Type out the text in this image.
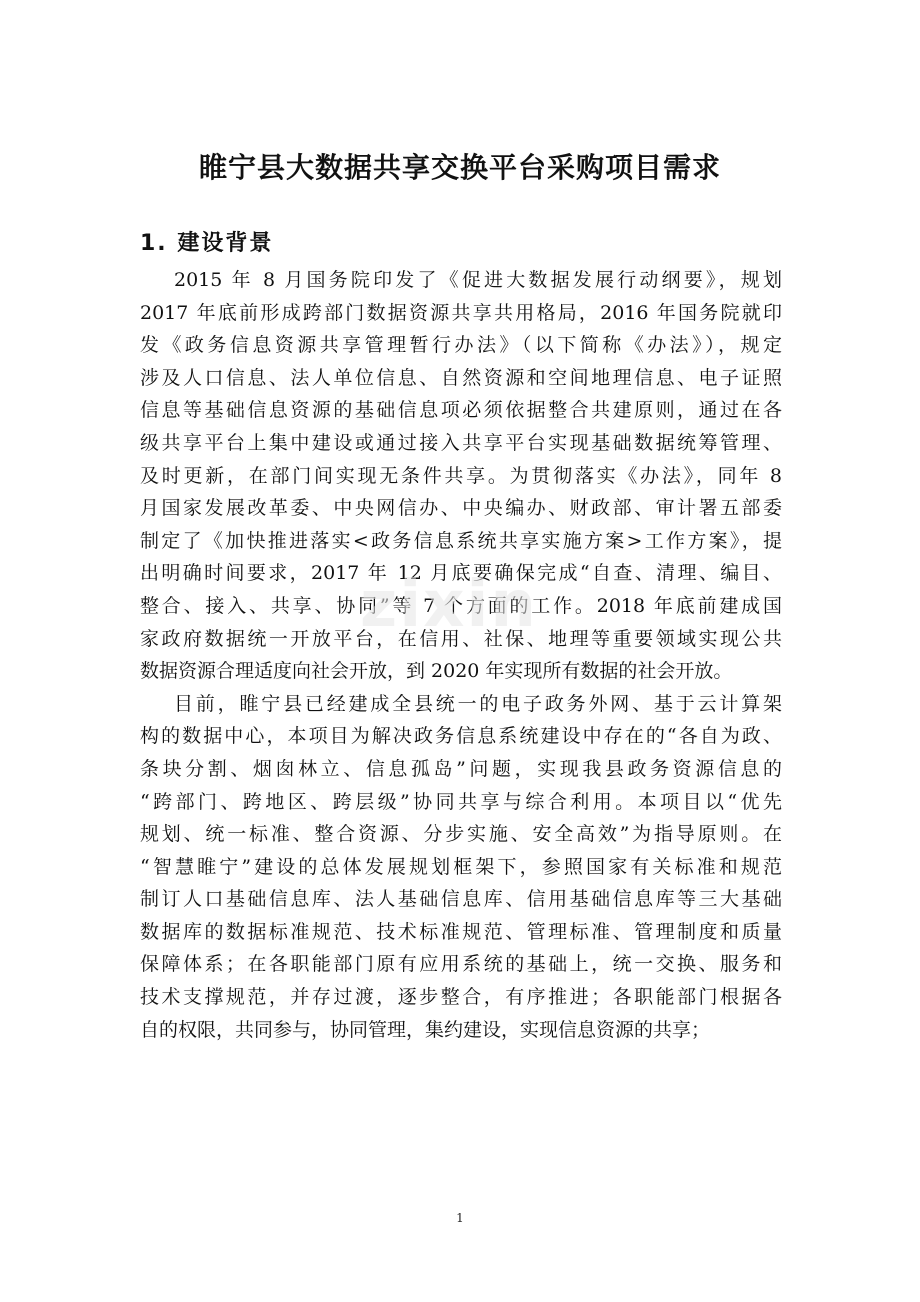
睢宁县大数据共享交换平台采购项目需求
1. 建设背景
2015 年 8 月国务院印发了《促进大数据发展行动纲要》，规划
2017 年底前形成跨部门数据资源共享共用格局，2016 年国务院就印
发《政务信息资源共享管理暂行办法》（以下简称《办法》），规定
涉及人口信息、法人单位信息、自然资源和空间地理信息、电子证照
信息等基础信息资源的基础信息项必须依据整合共建原则，通过在各
级共享平台上集中建设或通过接入共享平台实现基础数据统筹管理、
及时更新，在部门间实现无条件共享。为贯彻落实《办法》，同年 8
月国家发展改革委、中央网信办、中央编办、财政部、审计署五部委
制定了《加快推进落实<政务信息系统共享实施方案>工作方案》，提
出明确时间要求，2017 年 12 月底要确保完成“自查、清理、编目、
整合、接入、共享、协同”等 7 个方面的工作。2018 年底前建成国
家政府数据统一开放平台，在信用、社保、地理等重要领域实现公共
数据资源合理适度向社会开放，到 2020 年实现所有数据的社会开放。
目前，睢宁县已经建成全县统一的电子政务外网、基于云计算架
构的数据中心，本项目为解决政务信息系统建设中存在的“各自为政、
条块分割、烟囱林立、信息孤岛”问题，实现我县政务资源信息的
“跨部门、跨地区、跨层级”协同共享与综合利用。本项目以“优先
规划、统一标准、整合资源、分步实施、安全高效”为指导原则。在
“智慧睢宁”建设的总体发展规划框架下，参照国家有关标准和规范
制订人口基础信息库、法人基础信息库、信用基础信息库等三大基础
数据库的数据标准规范、技术标准规范、管理标准、管理制度和质量
保障体系；在各职能部门原有应用系统的基础上，统一交换、服务和
技术支撑规范，并存过渡，逐步整合，有序推进；各职能部门根据各
自的权限，共同参与，协同管理，集约建设，实现信息资源的共享；
zixin
1
